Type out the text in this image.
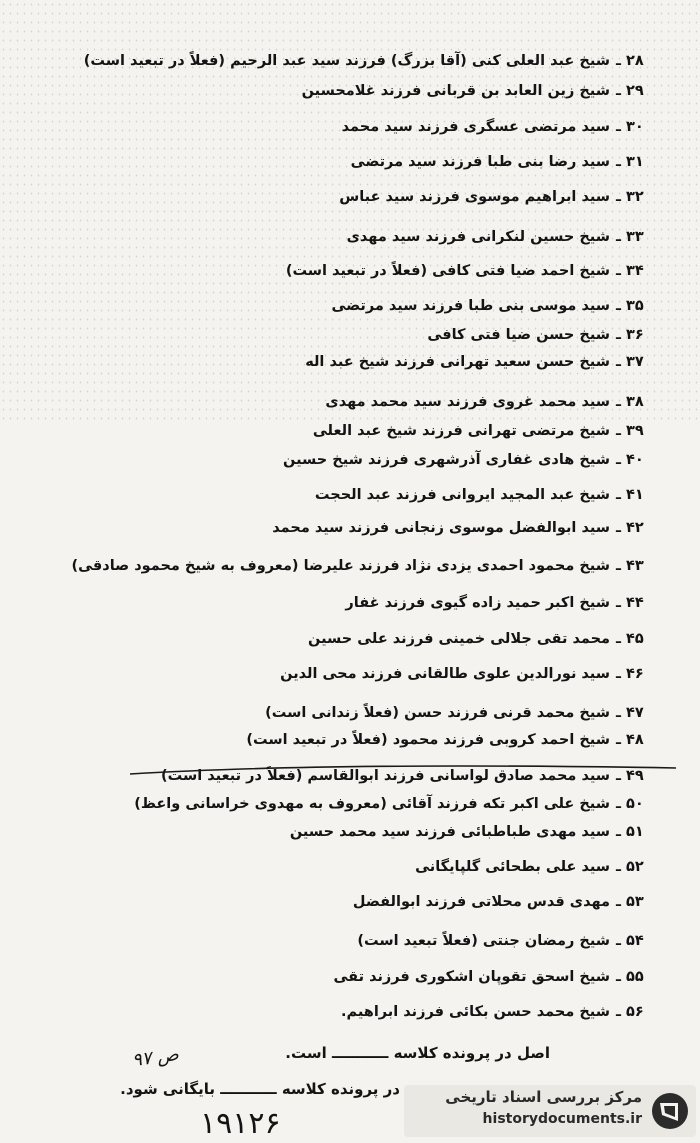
۲۸ ـشیخ عبد العلی کنی (آقا بزرگ) فرزند سید عبد الرحیم (فعلاً در تبعید است)
۲۹ ـشیخ زین العابد بن قربانی فرزند غلامحسین
۳۰ ـسید مرتضی عسگری فرزند سید محمد
۳۱ ـسید رضا بنی طبا فرزند سید مرتضی
۳۲ ـسید ابراهیم موسوی فرزند سید عباس
۳۳ ـشیخ حسین لنکرانی فرزند سید مهدی
۳۴ ـشیخ احمد ضیا فتی کافی (فعلاً در تبعید است)
۳۵ ـسید موسی بنی طبا فرزند سید مرتضی
۳۶ ـشیخ حسن ضیا فتی کافی
۳۷ ـشیخ حسن سعید تهرانی فرزند شیخ عبد اله
۳۸ ـسید محمد غروی فرزند سید محمد مهدی
۳۹ ـشیخ مرتضی تهرانی فرزند شیخ عبد العلی
۴۰ ـشیخ هادی غفاری آذرشهری فرزند شیخ حسین
۴۱ ـشیخ عبد المجید ایروانی فرزند عبد الحجت
۴۲ ـسید ابوالفضل موسوی زنجانی فرزند سید محمد
۴۳ ـشیخ محمود احمدی یزدی نژاد فرزند علیرضا (معروف به شیخ محمود صادقی)
۴۴ ـشیخ اکبر حمید زاده گیوی فرزند غفار
۴۵ ـمحمد تقی جلالی خمینی فرزند علی حسین
۴۶ ـسید نورالدین علوی طالقانی فرزند محی الدین
۴۷ ـشیخ محمد قرنی فرزند حسن (فعلاً زندانی است)
۴۸ ـشیخ احمد کروبی فرزند محمود (فعلاً در تبعید است)
۴۹ ـسید محمد صادق لواسانی فرزند ابوالقاسم (فعلاً در تبعید است)
۵۰ ـشیخ علی اکبر تکه فرزند آقائی (معروف به مهدوی خراسانی واعظ)
۵۱ ـسید مهدی طباطبائی فرزند سید محمد حسین
۵۲ ـسید علی بطحائی گلپایگانی
۵۳ ـمهدی قدس محلاتی فرزند ابوالفضل
۵۴ ـشیخ رمضان جنتی (فعلاً تبعید است)
۵۵ ـشیخ اسحق تقوپان اشکوری فرزند تقی
۵۶ ـشیخ محمد حسن بکائی فرزند ابراهیم.
اصل در پرونده کلاسه ـــــــــــ است.
در پرونده کلاسه ـــــــــــ بایگانی شود.
۹۷ ص
۱۹۱۲۶
مرکز بررسی اسناد تاریخی
historydocuments.ir
